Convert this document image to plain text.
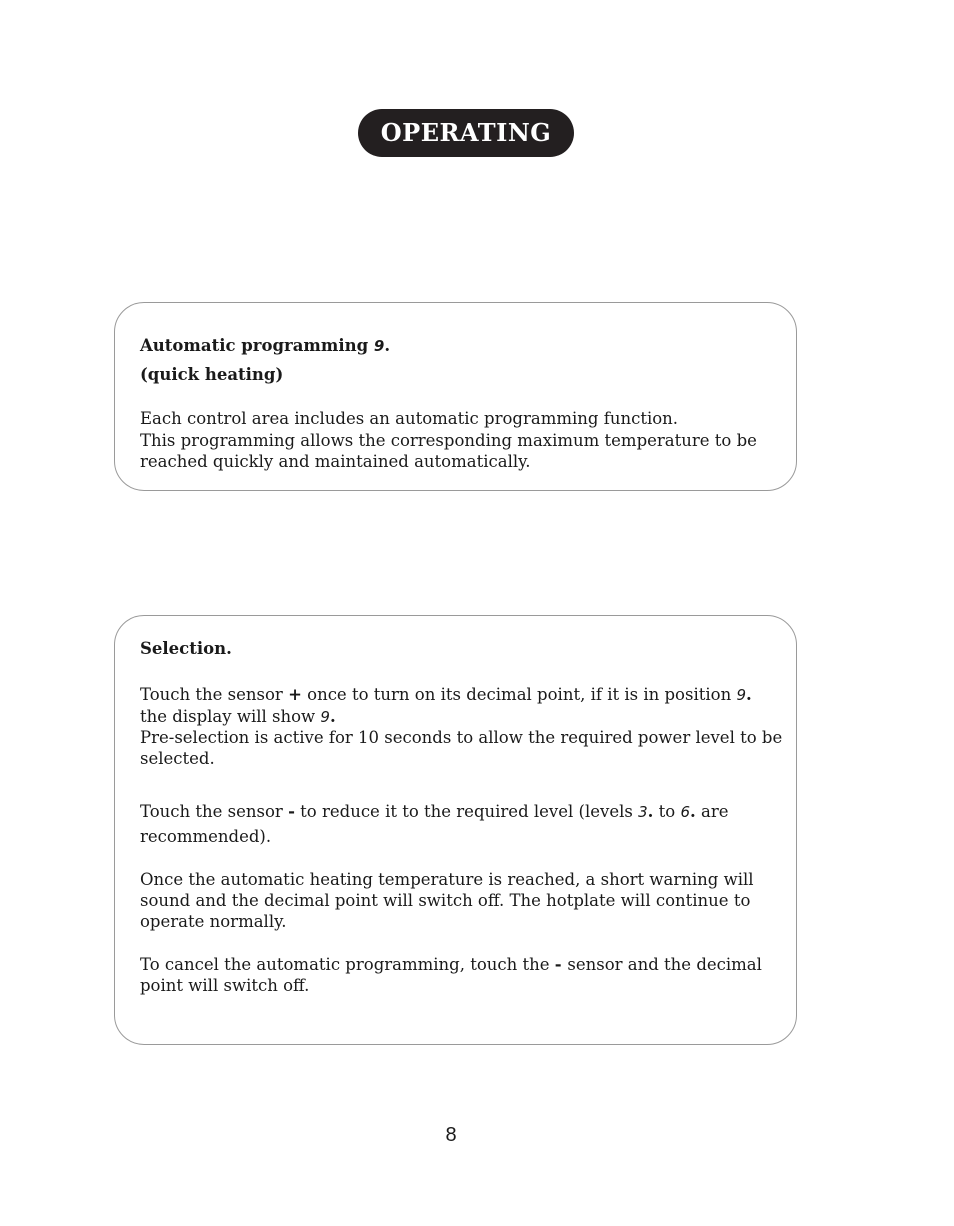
OPERATING

Automatic programming 9.

(quick heating)

Each control area includes an automatic programming function.

This programming allows the corresponding maximum temperature to be

reached quickly and maintained automatically.

Selection.

Touch the sensor + once to turn on its decimal point, if it is in position 9.

the display will show 9.

Pre-selection is active for 10 seconds to allow the required power level to be

selected.

Touch the sensor - to reduce it to the required level (levels 3. to 6. are

recommended).

Once the automatic heating temperature is reached, a short warning will

sound and the decimal point will switch off. The hotplate will continue to

operate normally.

To cancel the automatic programming, touch the - sensor and the decimal

point will switch off.

8
